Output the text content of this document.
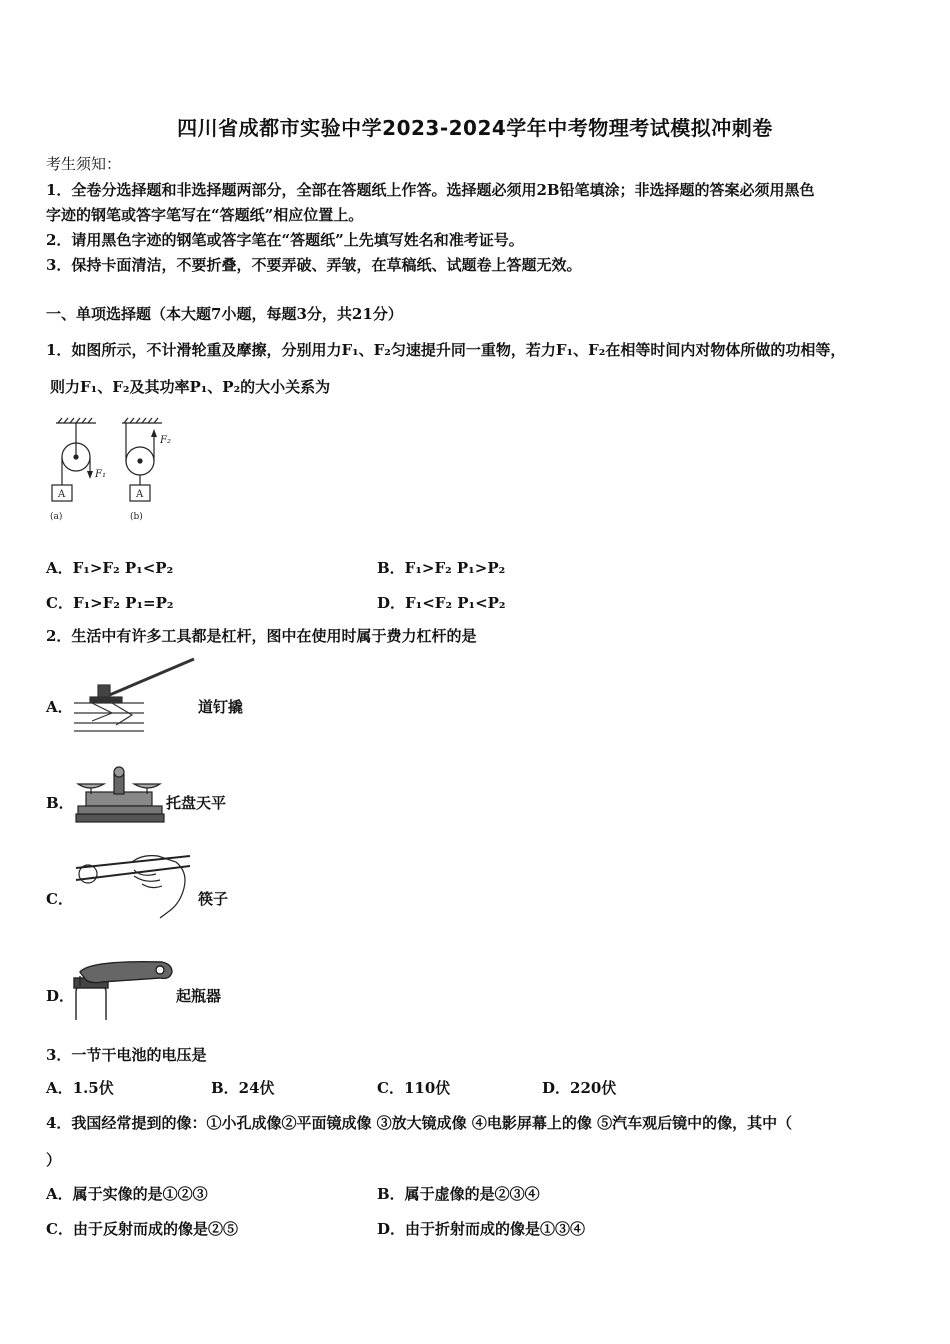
四川省成都市实验中学2023-2024学年中考物理考试模拟冲刺卷
考生须知：
1．全卷分选择题和非选择题两部分，全部在答题纸上作答。选择题必须用2B铅笔填涂；非选择题的答案必须用黑色
字迹的钢笔或答字笔写在“答题纸”相应位置上。
2．请用黑色字迹的钢笔或答字笔在“答题纸”上先填写姓名和准考证号。
3．保持卡面清洁，不要折叠，不要弄破、弄皱，在草稿纸、试题卷上答题无效。
一、单项选择题（本大题7小题，每题3分，共21分）
1．如图所示，不计滑轮重及摩擦，分别用力F₁、F₂匀速提升同一重物，若力F₁、F₂在相等时间内对物体所做的功相等，
则力F₁、F₂及其功率P₁、P₂的大小关系为
A	A
F₁
F₂
(a)	(b)
A．F₁>F₂ P₁<P₂	B．F₁>F₂ P₁>P₂
C．F₁>F₂ P₁=P₂	D．F₁<F₂ P₁<P₂
2．生活中有许多工具都是杠杆，图中在使用时属于费力杠杆的是
A．	道钉撬
B．	托盘天平
C．	筷子
D．	起瓶器
3．一节干电池的电压是
A．1.5伏	B．24伏	C．110伏	D．220伏
4．我国经常提到的像：①小孔成像②平面镜成像 ③放大镜成像 ④电影屏幕上的像 ⑤汽车观后镜中的像，其中（
）
A．属于实像的是①②③	B．属于虚像的是②③④
C．由于反射而成的像是②⑤	D．由于折射而成的像是①③④
